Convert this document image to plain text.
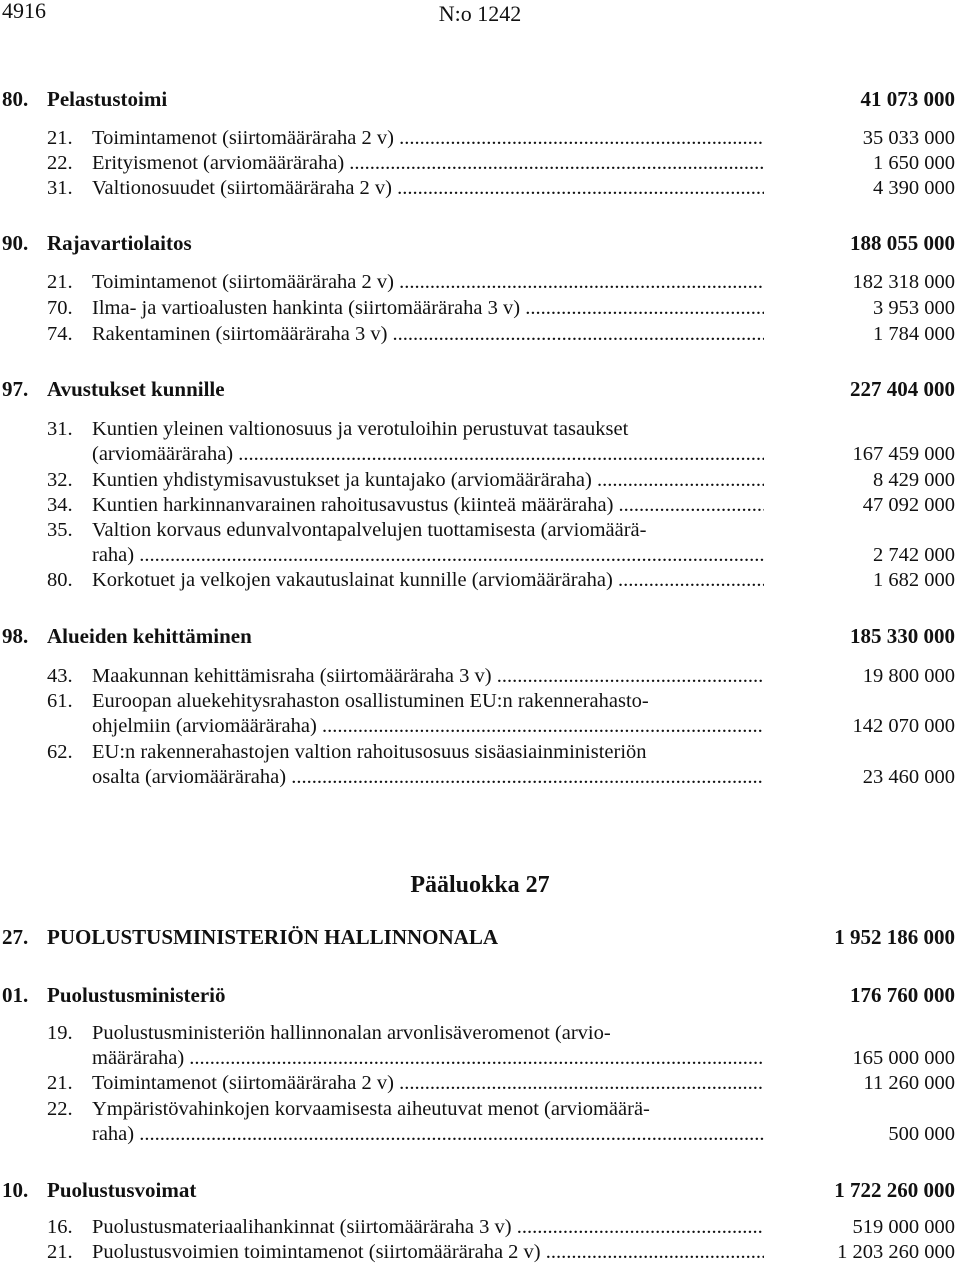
4916	N:o 1242
80. Pelastustoimi	41 073 000
21. Toimintamenot (siirtomääräraha 2 v) .....	35 033 000
22. Erityismenot (arviomääräraha) .....	1 650 000
31. Valtionosuudet (siirtomääräraha 2 v) .....	4 390 000
90. Rajavartiolaitos	188 055 000
21. Toimintamenot (siirtomääräraha 2 v) .....	182 318 000
70. Ilma- ja vartioalusten hankinta (siirtomääräraha 3 v) .....	3 953 000
74. Rakentaminen (siirtomääräraha 3 v) .....	1 784 000
97. Avustukset kunnille	227 404 000
31. Kuntien yleinen valtionosuus ja verotuloihin perustuvat tasaukset
(arviomääräraha) .....	167 459 000
32. Kuntien yhdistymisavustukset ja kuntajako (arviomääräraha) .....	8 429 000
34. Kuntien harkinnanvarainen rahoitusavustus (kiinteä määräraha) .....	47 092 000
35. Valtion korvaus edunvalvontapalvelujen tuottamisesta (arviomäärä-
raha) .....	2 742 000
80. Korkotuet ja velkojen vakautuslainat kunnille (arviomääräraha) .....	1 682 000
98. Alueiden kehittäminen	185 330 000
43. Maakunnan kehittämisraha (siirtomääräraha 3 v) .....	19 800 000
61. Euroopan aluekehitysrahaston osallistuminen EU:n rakennerahasto-
ohjelmiin (arviomääräraha) .....	142 070 000
62. EU:n rakennerahastojen valtion rahoitusosuus sisäasiainministeriön
osalta (arviomääräraha) .....	23 460 000
Pääluokka 27
27. PUOLUSTUSMINISTERIÖN HALLINNONALA	1 952 186 000
01. Puolustusministeriö	176 760 000
19. Puolustusministeriön hallinnonalan arvonlisäveromenot (arvio-
määräraha) .....	165 000 000
21. Toimintamenot (siirtomääräraha 2 v) .....	11 260 000
22. Ympäristövahinkojen korvaamisesta aiheutuvat menot (arviomäärä-
raha) .....	500 000
10. Puolustusvoimat	1 722 260 000
16. Puolustusmateriaalihankinnat (siirtomääräraha 3 v) .....	519 000 000
21. Puolustusvoimien toimintamenot (siirtomääräraha 2 v) .....	1 203 260 000
